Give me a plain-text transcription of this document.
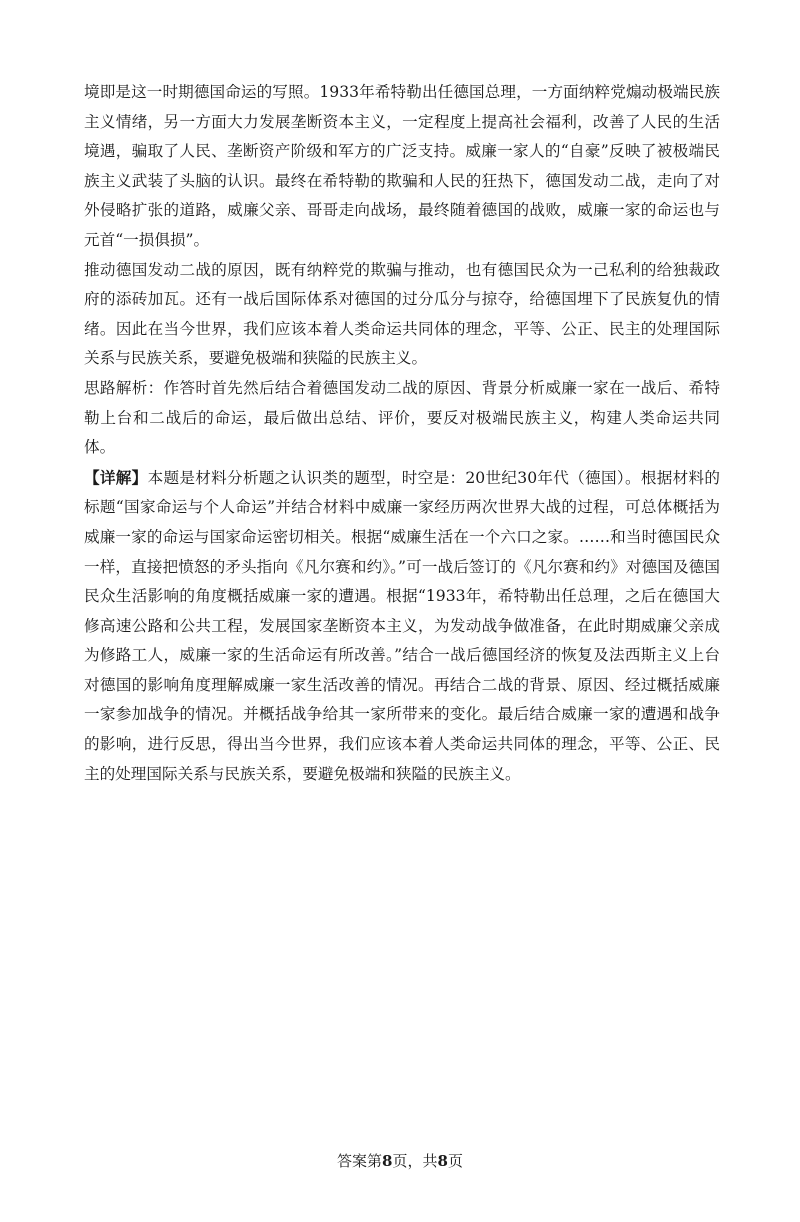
境即是这一时期德国命运的写照。1933年希特勒出任德国总理，一方面纳粹党煽动极端民族主义情绪，另一方面大力发展垄断资本主义，一定程度上提高社会福利，改善了人民的生活境遇，骗取了人民、垄断资产阶级和军方的广泛支持。威廉一家人的“自豪”反映了被极端民族主义武装了头脑的认识。最终在希特勒的欺骗和人民的狂热下，德国发动二战，走向了对外侵略扩张的道路，威廉父亲、哥哥走向战场，最终随着德国的战败，威廉一家的命运也与元首“一损俱损”。

推动德国发动二战的原因，既有纳粹党的欺骗与推动，也有德国民众为一己私利的给独裁政府的添砖加瓦。还有一战后国际体系对德国的过分瓜分与掠夺，给德国埋下了民族复仇的情绪。因此在当今世界，我们应该本着人类命运共同体的理念，平等、公正、民主的处理国际关系与民族关系，要避免极端和狭隘的民族主义。

思路解析：作答时首先然后结合着德国发动二战的原因、背景分析威廉一家在一战后、希特勒上台和二战后的命运，最后做出总结、评价，要反对极端民族主义，构建人类命运共同体。

【详解】本题是材料分析题之认识类的题型，时空是：20世纪30年代（德国）。根据材料的标题“国家命运与个人命运”并结合材料中威廉一家经历两次世界大战的过程，可总体概括为威廉一家的命运与国家命运密切相关。根据“威廉生活在一个六口之家。……和当时德国民众一样，直接把愤怒的矛头指向《凡尔赛和约》。”可一战后签订的《凡尔赛和约》对德国及德国民众生活影响的角度概括威廉一家的遭遇。根据“1933年，希特勒出任总理，之后在德国大修高速公路和公共工程，发展国家垄断资本主义，为发动战争做准备，在此时期威廉父亲成为修路工人，威廉一家的生活命运有所改善。”结合一战后德国经济的恢复及法西斯主义上台对德国的影响角度理解威廉一家生活改善的情况。再结合二战的背景、原因、经过概括威廉一家参加战争的情况。并概括战争给其一家所带来的变化。最后结合威廉一家的遭遇和战争的影响，进行反思，得出当今世界，我们应该本着人类命运共同体的理念，平等、公正、民主的处理国际关系与民族关系，要避免极端和狭隘的民族主义。

答案第8页，共8页
